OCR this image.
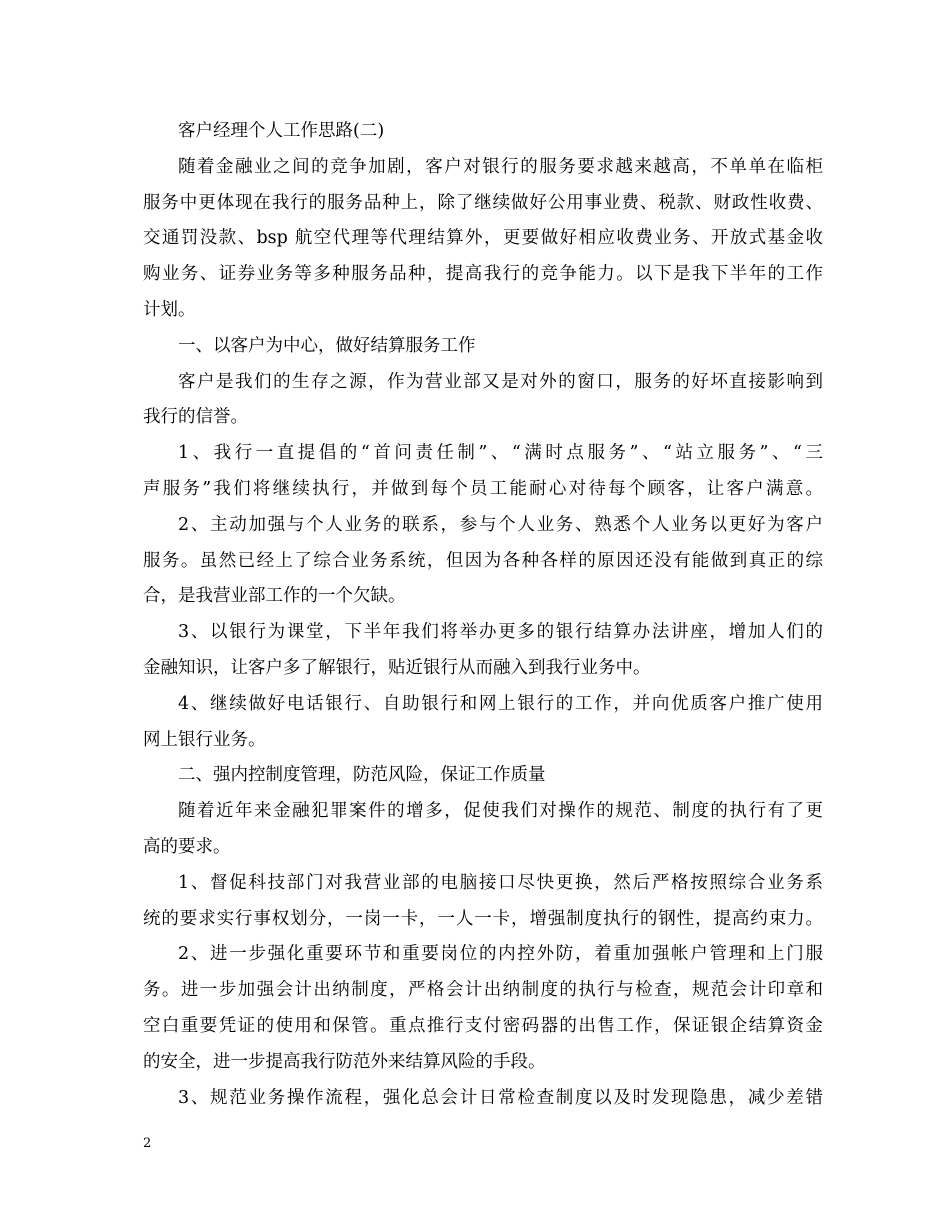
客户经理个人工作思路(二)
随着金融业之间的竞争加剧，客户对银行的服务要求越来越高，不单单在临柜
服务中更体现在我行的服务品种上，除了继续做好公用事业费、税款、财政性收费、
交通罚没款、bsp 航空代理等代理结算外，更要做好相应收费业务、开放式基金收
购业务、证券业务等多种服务品种，提高我行的竞争能力。以下是我下半年的工作
计划。
一、以客户为中心，做好结算服务工作
客户是我们的生存之源，作为营业部又是对外的窗口，服务的好坏直接影响到
我行的信誉。
1、我行一直提倡的“首问责任制”、“满时点服务”、“站立服务”、“三
声服务”我们将继续执行，并做到每个员工能耐心对待每个顾客，让客户满意。
2、主动加强与个人业务的联系，参与个人业务、熟悉个人业务以更好为客户
服务。虽然已经上了综合业务系统，但因为各种各样的原因还没有能做到真正的综
合，是我营业部工作的一个欠缺。
3、以银行为课堂，下半年我们将举办更多的银行结算办法讲座，增加人们的
金融知识，让客户多了解银行，贴近银行从而融入到我行业务中。
4、继续做好电话银行、自助银行和网上银行的工作，并向优质客户推广使用
网上银行业务。
二、强内控制度管理，防范风险，保证工作质量
随着近年来金融犯罪案件的增多，促使我们对操作的规范、制度的执行有了更
高的要求。
1、督促科技部门对我营业部的电脑接口尽快更换，然后严格按照综合业务系
统的要求实行事权划分，一岗一卡，一人一卡，增强制度执行的钢性，提高约束力。
2、进一步强化重要环节和重要岗位的内控外防，着重加强帐户管理和上门服
务。进一步加强会计出纳制度，严格会计出纳制度的执行与检查，规范会计印章和
空白重要凭证的使用和保管。重点推行支付密码器的出售工作，保证银企结算资金
的安全，进一步提高我行防范外来结算风险的手段。
3、规范业务操作流程，强化总会计日常检查制度以及时发现隐患，减少差错
2
